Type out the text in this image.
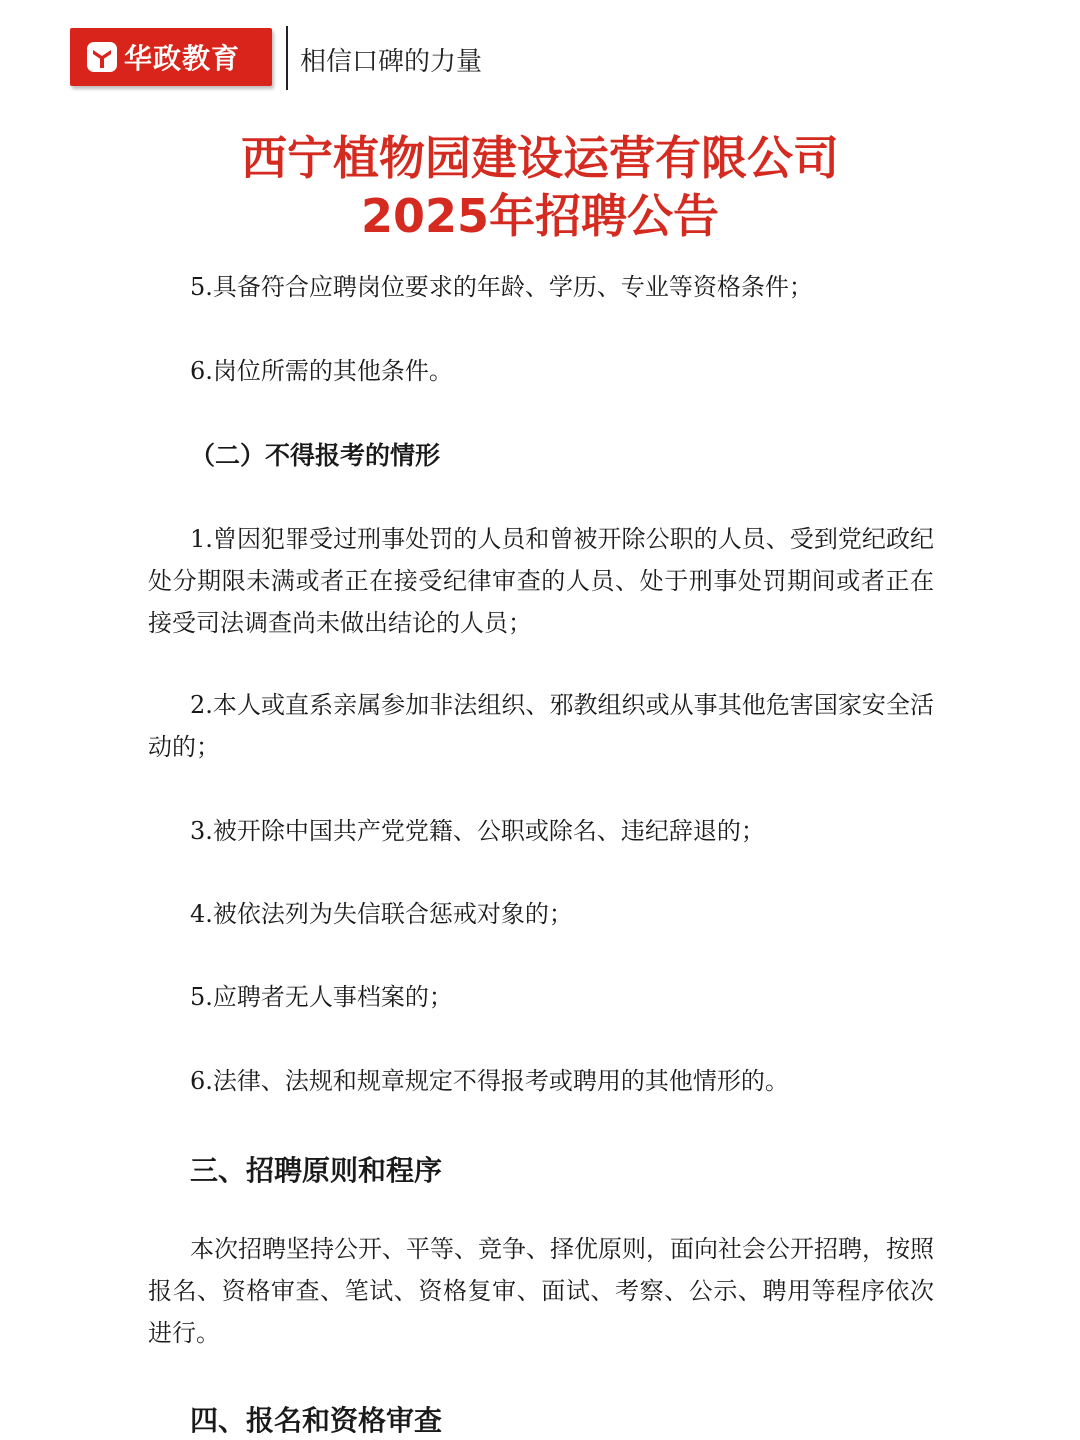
华政教育 相信口碑的力量
西宁植物园建设运营有限公司
2025年招聘公告

5.具备符合应聘岗位要求的年龄、学历、专业等资格条件；

6.岗位所需的其他条件。

（二）不得报考的情形

1.曾因犯罪受过刑事处罚的人员和曾被开除公职的人员、受到党纪政纪处分期限未满或者正在接受纪律审查的人员、处于刑事处罚期间或者正在接受司法调查尚未做出结论的人员；

2.本人或直系亲属参加非法组织、邪教组织或从事其他危害国家安全活动的；

3.被开除中国共产党党籍、公职或除名、违纪辞退的；

4.被依法列为失信联合惩戒对象的；

5.应聘者无人事档案的；

6.法律、法规和规章规定不得报考或聘用的其他情形的。

三、招聘原则和程序

本次招聘坚持公开、平等、竞争、择优原则，面向社会公开招聘，按照报名、资格审查、笔试、资格复审、面试、考察、公示、聘用等程序依次进行。

四、报名和资格审查
